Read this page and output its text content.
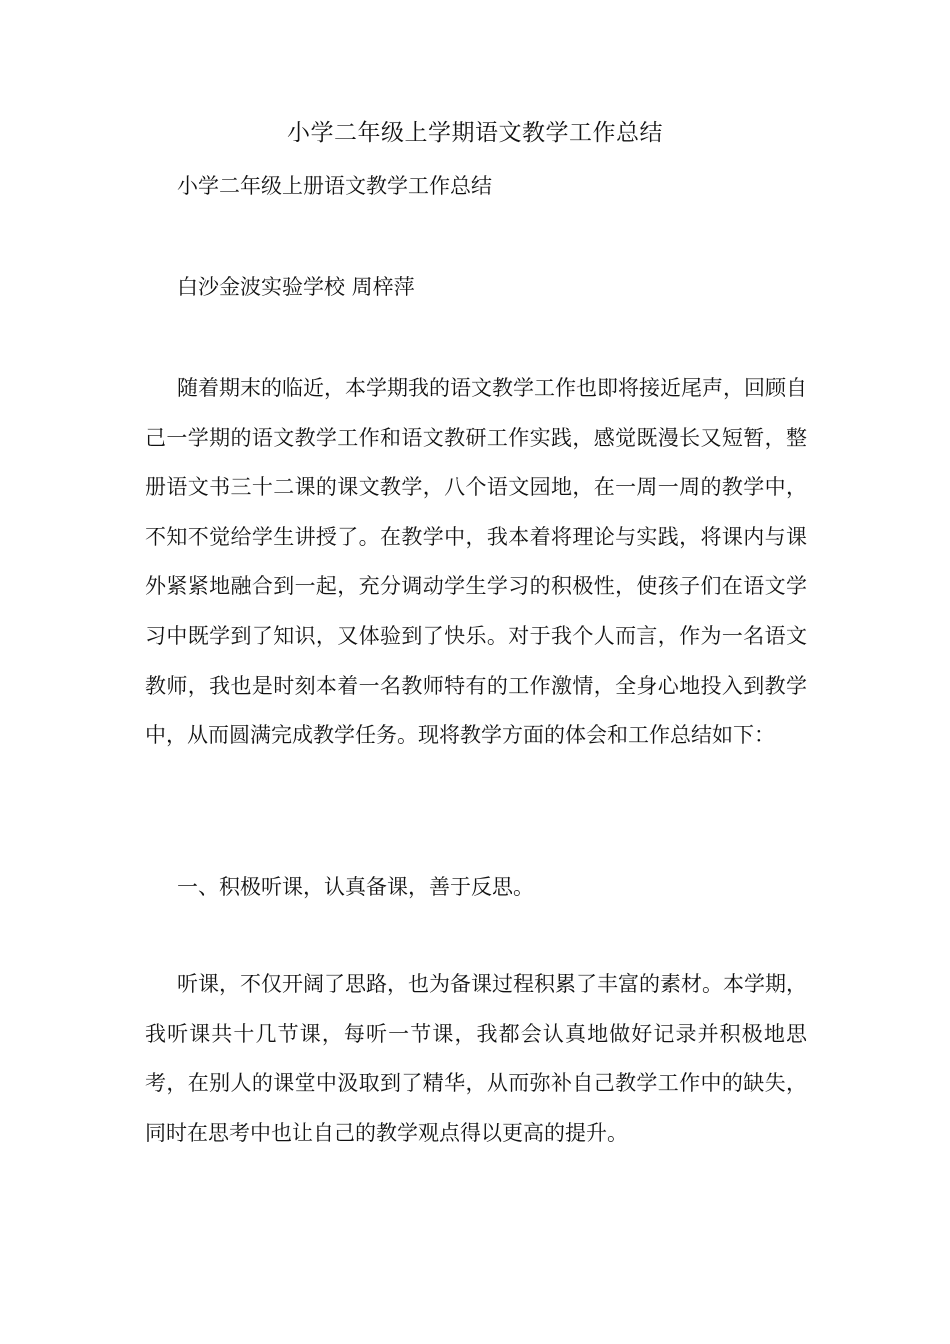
小学二年级上学期语文教学工作总结
小学二年级上册语文教学工作总结
白沙金波实验学校 周梓萍

随着期末的临近，本学期我的语文教学工作也即将接近尾声，回顾自己一学期的语文教学工作和语文教研工作实践，感觉既漫长又短暂，整册语文书三十二课的课文教学，八个语文园地，在一周一周的教学中，不知不觉给学生讲授了。在教学中，我本着将理论与实践，将课内与课外紧紧地融合到一起，充分调动学生学习的积极性，使孩子们在语文学习中既学到了知识，又体验到了快乐。对于我个人而言，作为一名语文教师，我也是时刻本着一名教师特有的工作激情，全身心地投入到教学中，从而圆满完成教学任务。现将教学方面的体会和工作总结如下：

一、积极听课，认真备课，善于反思。

听课，不仅开阔了思路，也为备课过程积累了丰富的素材。本学期，我听课共十几节课，每听一节课，我都会认真地做好记录并积极地思考，在别人的课堂中汲取到了精华，从而弥补自己教学工作中的缺失，同时在思考中也让自己的教学观点得以更高的提升。
